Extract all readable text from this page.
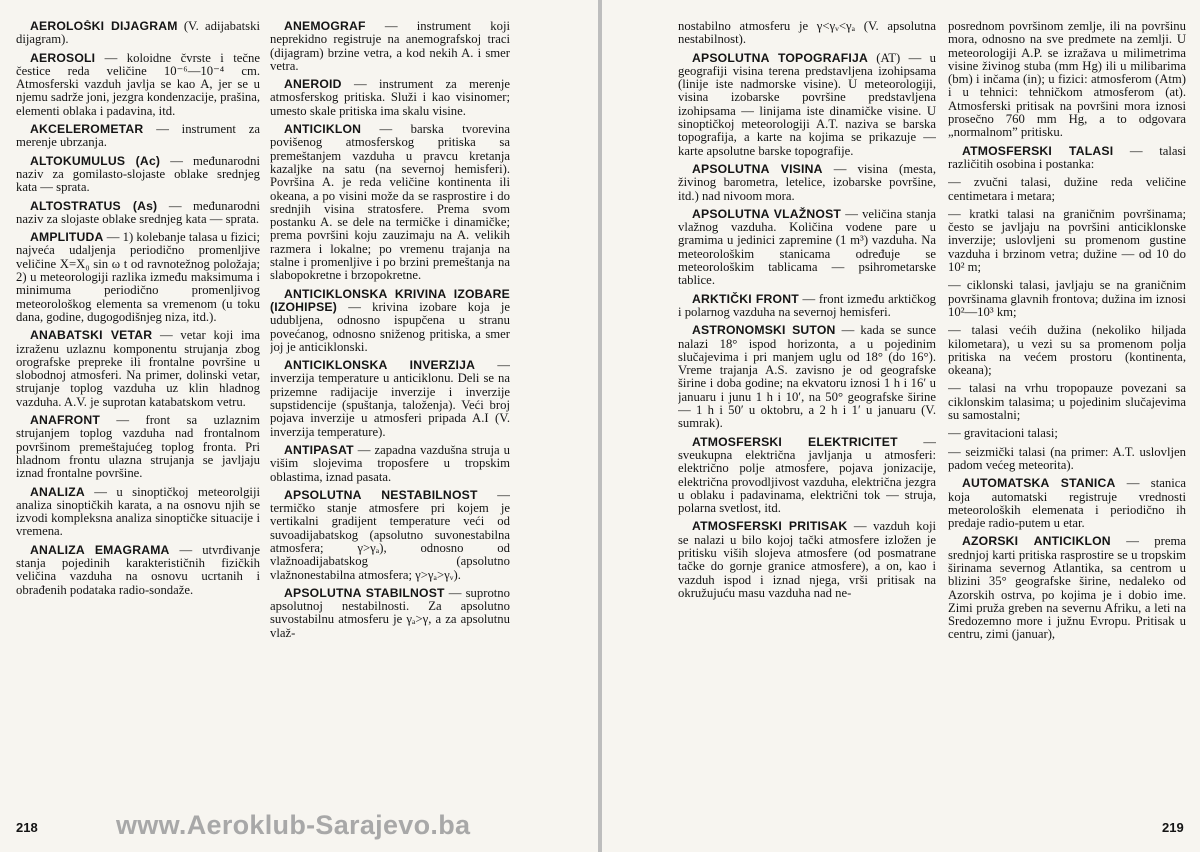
AEROLOŠKI DIJAGRAM (V. adijabatski dijagram).

AEROSOLI — koloidne čvrste i tečne čestice reda veličine 10⁻⁶—10⁻⁴ cm. Atmosferski vazduh javlja se kao A, jer se u njemu sadrže joni, jezgra kondenzacije, prašina, elementi oblaka i padavina, itd.

AKCELEROMETAR — instrument za merenje ubrzanja.

ALTOKUMULUS (Ac) — međunarodni naziv za gomilasto-slojaste oblake srednjeg kata — sprata.

ALTOSTRATUS (As) — međunarodni naziv za slojaste oblake srednjeg kata — sprata.

AMPLITUDA — 1) kolebanje talasa u fizici; najveća udaljenja periodično promenljive veličine X=X₀ sin ω t od ravnotežnog položaja; 2) u meteorologiji razlika između maksimuma i minimuma periodično promenljivog meteorološkog elementa sa vremenom (u toku dana, godine, dugogodišnjeg niza, itd.).

ANABATSKI VETAR — vetar koji ima izraženu uzlaznu komponentu strujanja zbog orografske prepreke ili frontalne površine u slobodnoj atmosferi. Na primer, dolinski vetar, strujanje toplog vazduha uz klin hladnog vazduha. A.V. je suprotan katabatskom vetru.

ANAFRONT — front sa uzlaznim strujanjem toplog vazduha nad frontalnom površinom premeštajućeg toplog fronta. Pri hladnom frontu ulazna strujanja se javljaju iznad frontalne površine.

ANALIZA — u sinoptičkoj meteorolgiji analiza sinoptičkih karata, a na osnovu njih se izvodi kompleksna analiza sinoptičke situacije i vremena.

ANALIZA EMAGRAMA — utvrđivanje stanja pojedinih karakterističnih fizičkih veličina vazduha na osnovu ucrtanih i obrađenih podataka radio-sondaže.

ANEMOGRAF — instrument koji neprekidno registruje na anemografskoj traci (dijagram) brzine vetra, a kod nekih A. i smer vetra.

ANEROID — instrument za merenje atmosferskog pritiska. Služi i kao visinomer; umesto skale pritiska ima skalu visine.

ANTICIKLON — barska tvorevina povišenog atmosferskog pritiska sa premeštanjem vazduha u pravcu kretanja kazaljke na satu (na severnoj hemisferi). Površina A. je reda veličine kontinenta ili okeana, a po visini može da se rasprostire i do srednjih visina stratosfere. Prema svom postanku A. se dele na termičke i dinamičke; prema površini koju zauzimaju na A. velikih razmera i lokalne; po vremenu trajanja na stalne i promenljive i po brzini premeštanja na slabopokretne i brzopokretne.

ANTICIKLONSKA KRIVINA IZOBARE (IZOHIPSE) — krivina izobare koja je udubljena, odnosno ispupčena u stranu povećanog, odnosno sniženog pritiska, a smer joj je anticiklonski.

ANTICIKLONSKA INVERZIJA — inverzija temperature u anticiklonu. Deli se na prizemne radijacije inverzije i inverzije supstidencije (spuštanja, taloženja). Veći broj pojava inverzije u atmosferi pripada A.I (V. inverzija temperature).

ANTIPASAT — zapadna vazdušna struja u višim slojevima troposfere u tropskim oblastima, iznad pasata.

APSOLUTNA NESTABILNOST — termičko stanje atmosfere pri kojem je vertikalni gradijent temperature veći od suvoadijabatskog (apsolutno suvonestabilna atmosfera; γ>γₐ), odnosno od vlažnoadijabatskog (apsolutno vlažnonestabilna atmosfera; γ>γₐ>γᵥ).

APSOLUTNA STABILNOST — suprotno apsolutnoj nestabilnosti. Za apsolutno suvostabilnu atmosferu je γₐ>γ, a za apsolutnu vlaž-

218

nostabilno atmosferu je γ<γᵥ<γₐ (V. apsolutna nestabilnost).

APSOLUTNA TOPOGRAFIJA (AT) — u geografiji visina terena predstavljena izohipsama (linije iste nadmorske visine). U meteorologiji, visina izobarske površine predstavljena izohipsama — linijama iste dinamičke visine. U sinoptičkoj meteorologiji A.T. naziva se barska topografija, a karte na kojima se prikazuje — karte apsolutne barske topografije.

APSOLUTNA VISINA — visina (mesta, živinog barometra, letelice, izobarske površine, itd.) nad nivoom mora.

APSOLUTNA VLAŽNOST — veličina stanja vlažnog vazduha. Količina vodene pare u gramima u jedinici zapremine (1 m³) vazduha. Na meteorološkim stanicama određuje se meteorološkim tablicama — psihrometarske tablice.

ARKTIČKI FRONT — front između arktičkog i polarnog vazduha na severnoj hemisferi.

ASTRONOMSKI SUTON — kada se sunce nalazi 18° ispod horizonta, a u pojedinim slučajevima i pri manjem uglu od 18° (do 16°). Vreme trajanja A.S. zavisno je od geografske širine i doba godine; na ekvatoru iznosi 1 h i 16′ u januaru i junu 1 h i 10′, na 50° geografske širine — 1 h i 50′ u oktobru, a 2 h i 1′ u januaru (V. sumrak).

ATMOSFERSKI ELEKTRICITET — sveukupna električna javljanja u atmosferi: električno polje atmosfere, pojava jonizacije, električna provodljivost vazduha, električna jezgra u oblaku i padavinama, električni tok — struja, polarna svetlost, itd.

ATMOSFERSKI PRITISAK — vazduh koji se nalazi u bilo kojoj tački atmosfere izložen je pritisku viših slojeva atmosfere (od posmatrane tačke do gornje granice atmosfere), a on, kao i vazduh ispod i iznad njega, vrši pritisak na okružujuću masu vazduha nad ne-

posrednom površinom zemlje, ili na površinu mora, odnosno na sve predmete na zemlji. U meteorologiji A.P. se izražava u milimetrima visine živinog stuba (mm Hg) ili u milibarima (bm) i inčama (in); u fizici: atmosferom (Atm) i u tehnici: tehničkom atmosferom (at). Atmosferski pritisak na površini mora iznosi prosečno 760 mm Hg, a to odgovara „normalnom” pritisku.

ATMOSFERSKI TALASI — talasi različitih osobina i postanka:

— zvučni talasi, dužine reda veličine centimetara i metara;

— kratki talasi na graničnim površinama; često se javljaju na površini anticiklonske inverzije; uslovljeni su promenom gustine vazduha i brzinom vetra; dužine — od 10 do 10² m;

— ciklonski talasi, javljaju se na graničnim površinama glavnih frontova; dužina im iznosi 10²—10³ km;

— talasi većih dužina (nekoliko hiljada kilometara), u vezi su sa promenom polja pritiska na većem prostoru (kontinenta, okeana);

— talasi na vrhu tropopauze povezani sa ciklonskim talasima; u pojedinim slučajevima su samostalni;

— gravitacioni talasi;

— seizmički talasi (na primer: A.T. uslovljen padom većeg meteorita).

AUTOMATSKA STANICA — stanica koja automatski registruje vrednosti meteoroloških elemenata i periodično ih predaje radio-putem u etar.

AZORSKI ANTICIKLON — prema srednjoj karti pritiska rasprostire se u tropskim širinama severnog Atlantika, sa centrom u blizini 35° geografske širine, nedaleko od Azorskih ostrva, po kojima je i dobio ime. Zimi pruža greben na severnu Afriku, a leti na Sredozemno more i južnu Evropu. Pritisak u centru, zimi (januar),

219
www.Aeroklub-Sarajevo.ba
